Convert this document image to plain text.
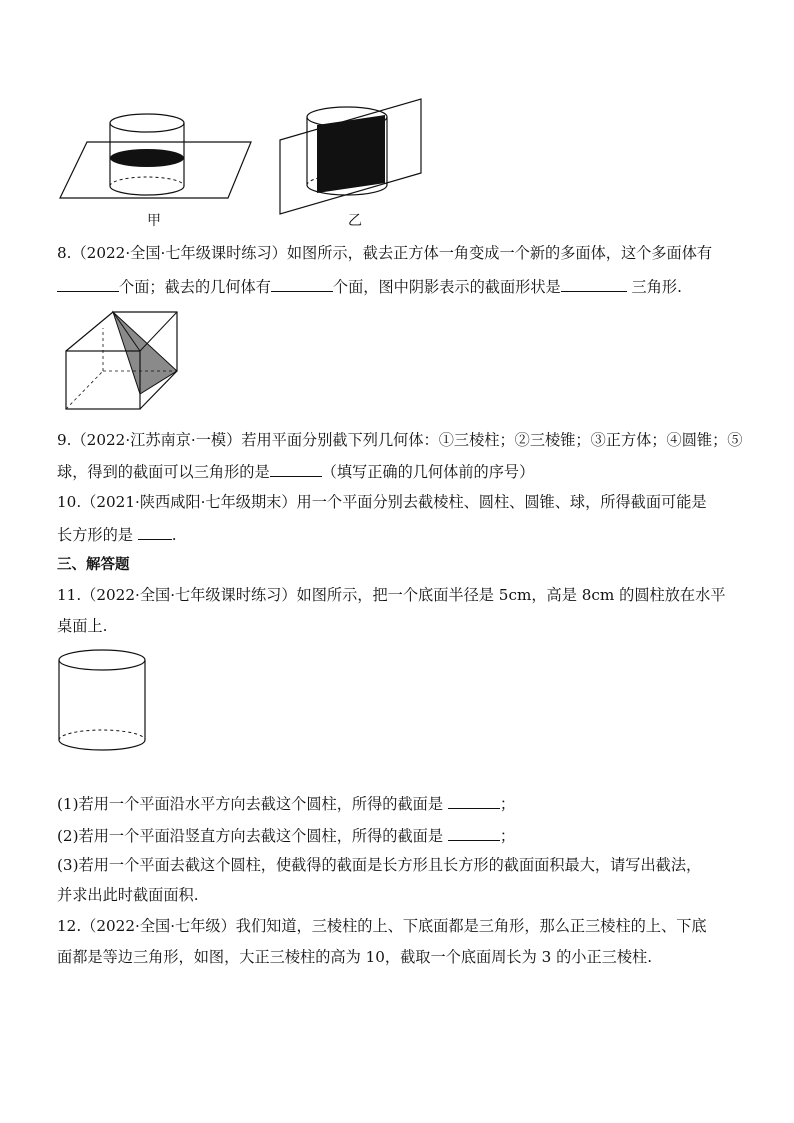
甲	乙
8.（2022·全国·七年级课时练习）如图所示，截去正方体一角变成一个新的多面体，这个多面体有
个面；截去的几何体有	个面，图中阴影表示的截面形状是	三角形.
9.（2022·江苏南京·一模）若用平面分别截下列几何体：①三棱柱；②三棱锥；③正方体；④圆锥；⑤
球，得到的截面可以三角形的是	（填写正确的几何体前的序号）
10.（2021·陕西咸阳·七年级期末）用一个平面分别去截棱柱、圆柱、圆锥、球，所得截面可能是
长方形的是 .
三、解答题
11.（2022·全国·七年级课时练习）如图所示，把一个底面半径是 5cm，高是 8cm 的圆柱放在水平
桌面上.
(1)若用一个平面沿水平方向去截这个圆柱，所得的截面是	；
(2)若用一个平面沿竖直方向去截这个圆柱，所得的截面是	；
(3)若用一个平面去截这个圆柱，使截得的截面是长方形且长方形的截面面积最大，请写出截法，
并求出此时截面面积.
12.（2022·全国·七年级）我们知道，三棱柱的上、下底面都是三角形，那么正三棱柱的上、下底
面都是等边三角形，如图，大正三棱柱的高为 10，截取一个底面周长为 3 的小正三棱柱.
